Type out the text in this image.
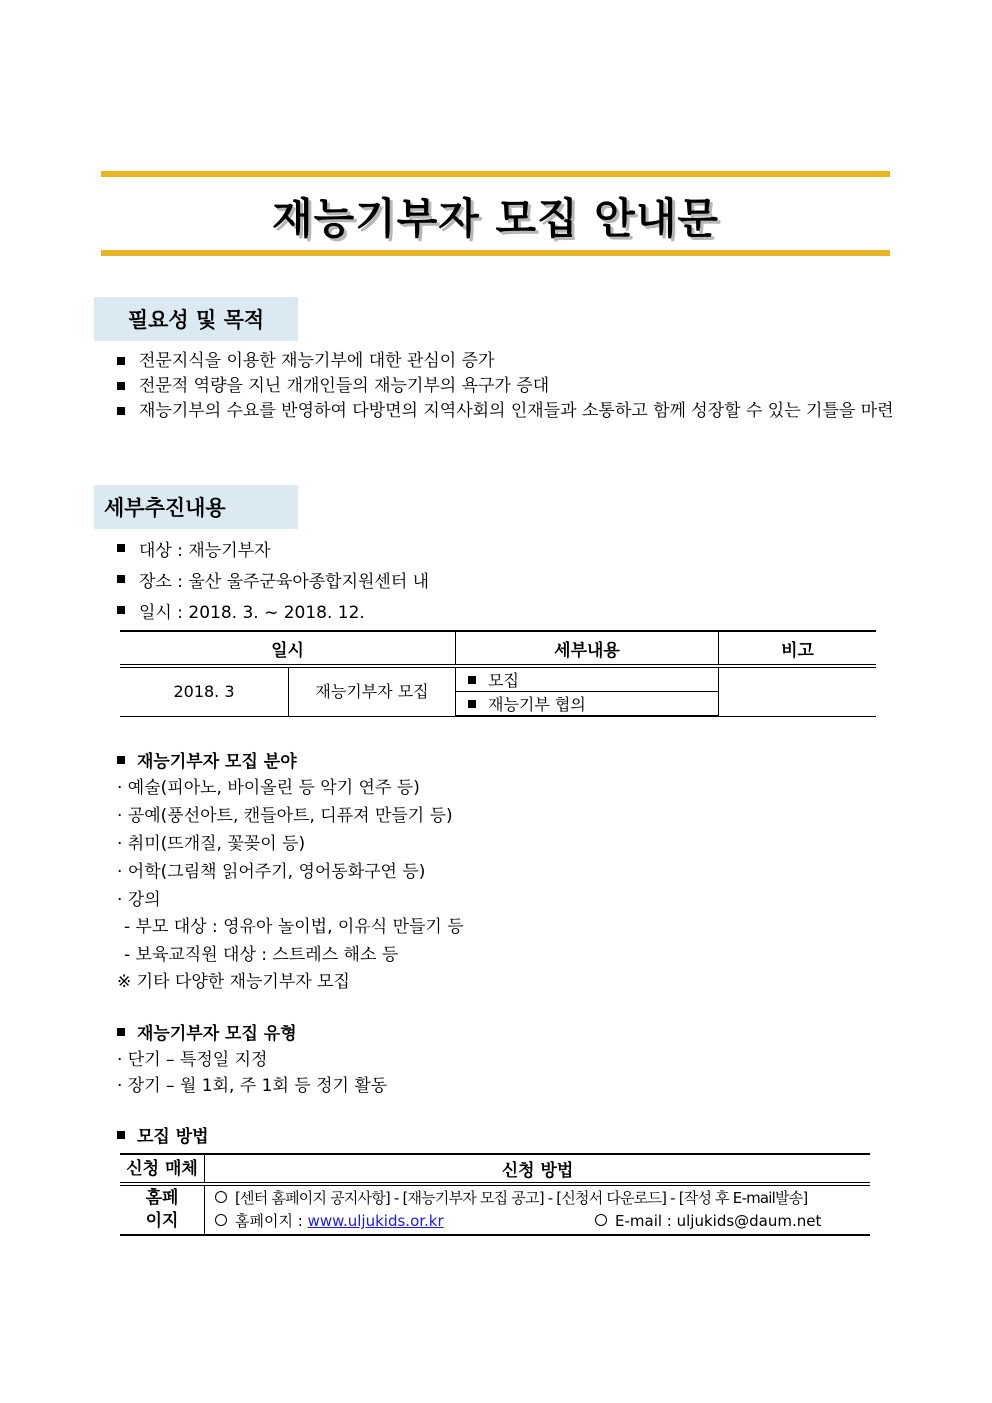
재능기부자 모집 안내문
필요성 및 목적
전문지식을 이용한 재능기부에 대한 관심이 증가
전문적 역량을 지닌 개개인들의 재능기부의 욕구가 증대
재능기부의 수요를 반영하여 다방면의 지역사회의 인재들과 소통하고 함께 성장할 수 있는 기틀을 마련
세부추진내용
대상 : 재능기부자
장소 : 울산 울주군육아종합지원센터 내
일시 : 2018. 3. ~ 2018. 12.
일시		세부내용	비고
2018. 3	재능기부자 모집	모집	
		재능기부 협의	
재능기부자 모집 분야
· 예술(피아노, 바이올린 등 악기 연주 등)
· 공예(풍선아트, 캔들아트, 디퓨져 만들기 등)
· 취미(뜨개질, 꽃꽂이 등)
· 어학(그림책 읽어주기, 영어동화구연 등)
· 강의
- 부모 대상 : 영유아 놀이법, 이유식 만들기 등
- 보육교직원 대상 : 스트레스 해소 등
※ 기타 다양한 재능기부자 모집
재능기부자 모집 유형
· 단기 – 특정일 지정
· 장기 – 월 1회, 주 1회 등 정기 활동
모집 방법
신청 매체	신청 방법
홈페이지	[센터 홈페이지 공지사항] - [재능기부자 모집 공고] - [신청서 다운로드] - [작성 후 E-mail발송]
홈페이지 : www.uljukids.or.kr E-mail : uljukids@daum.net
